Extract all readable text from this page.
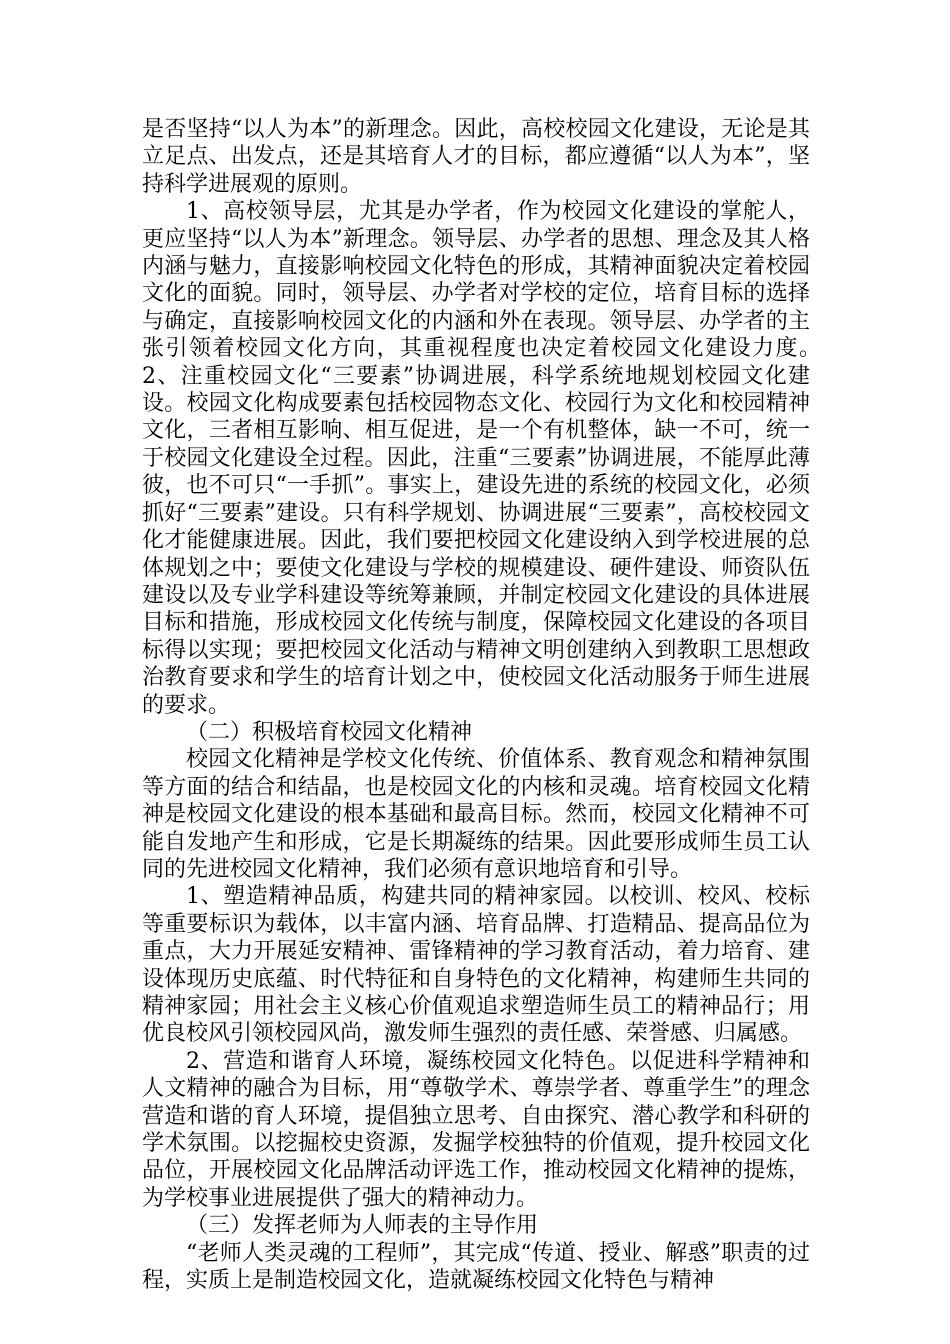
是否坚持“以人为本”的新理念。因此，高校校园文化建设，无论是其立足点、出发点，还是其培育人才的目标，都应遵循“以人为本”，坚持科学进展观的原则。

1、高校领导层，尤其是办学者，作为校园文化建设的掌舵人，更应坚持“以人为本”新理念。领导层、办学者的思想、理念及其人格内涵与魅力，直接影响校园文化特色的形成，其精神面貌决定着校园文化的面貌。同时，领导层、办学者对学校的定位，培育目标的选择与确定，直接影响校园文化的内涵和外在表现。领导层、办学者的主张引领着校园文化方向，其重视程度也决定着校园文化建设力度。　　　　2、注重校园文化“三要素”协调进展，科学系统地规划校园文化建设。校园文化构成要素包括校园物态文化、校园行为文化和校园精神文化，三者相互影响、相互促进，是一个有机整体，缺一不可，统一于校园文化建设全过程。因此，注重“三要素”协调进展，不能厚此薄彼，也不可只“一手抓”。事实上，建设先进的系统的校园文化，必须抓好“三要素”建设。只有科学规划、协调进展“三要素”，高校校园文化才能健康进展。因此，我们要把校园文化建设纳入到学校进展的总体规划之中；要使文化建设与学校的规模建设、硬件建设、师资队伍建设以及专业学科建设等统筹兼顾，并制定校园文化建设的具体进展目标和措施，形成校园文化传统与制度，保障校园文化建设的各项目标得以实现；要把校园文化活动与精神文明创建纳入到教职工思想政治教育要求和学生的培育计划之中，使校园文化活动服务于师生进展的要求。

（二）积极培育校园文化精神

校园文化精神是学校文化传统、价值体系、教育观念和精神氛围等方面的结合和结晶，也是校园文化的内核和灵魂。培育校园文化精神是校园文化建设的根本基础和最高目标。然而，校园文化精神不可能自发地产生和形成，它是长期凝练的结果。因此要形成师生员工认同的先进校园文化精神，我们必须有意识地培育和引导。

1、塑造精神品质，构建共同的精神家园。以校训、校风、校标等重要标识为载体，以丰富内涵、培育品牌、打造精品、提高品位为重点，大力开展延安精神、雷锋精神的学习教育活动，着力培育、建设体现历史底蕴、时代特征和自身特色的文化精神，构建师生共同的精神家园；用社会主义核心价值观追求塑造师生员工的精神品行；用优良校风引领校园风尚，激发师生强烈的责任感、荣誉感、归属感。

2、营造和谐育人环境，凝练校园文化特色。以促进科学精神和人文精神的融合为目标，用“尊敬学术、尊崇学者、尊重学生”的理念营造和谐的育人环境，提倡独立思考、自由探究、潜心教学和科研的学术氛围。以挖掘校史资源，发掘学校独特的价值观，提升校园文化品位，开展校园文化品牌活动评选工作，推动校园文化精神的提炼，为学校事业进展提供了强大的精神动力。

（三）发挥老师为人师表的主导作用

“老师人类灵魂的工程师”，其完成“传道、授业、解惑”职责的过程，实质上是制造校园文化，造就凝练校园文化特色与精神
